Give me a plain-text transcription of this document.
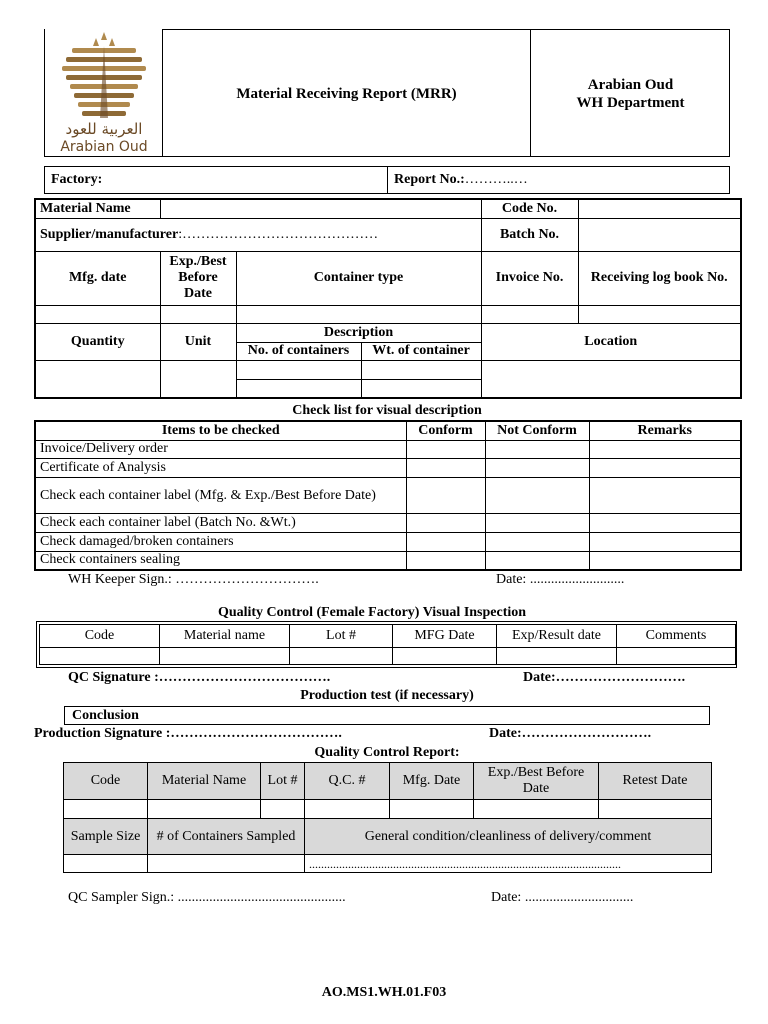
العربية للعود
Arabian Oud
Material Receiving Report (MRR)
Arabian Oud
WH Department
Factory:	Report No.:………..…
Material Name				Code No.	
Supplier/manufacturer:……………………………………				Batch No.	
Mfg. date	Exp./Best Before Date	Container type		Invoice No.	Receiving log book No.

Quantity	Unit	Description		Location	
		No. of containers	Wt. of container		

Check list for visual description
Items to be checked	Conform	Not Conform	Remarks
Invoice/Delivery order			
Certificate of Analysis			
Check each container label (Mfg. & Exp./Best Before Date)			
Check each container label (Batch No. &Wt.)			
Check damaged/broken containers			
Check containers sealing			
WH Keeper Sign.: ………………………….	Date: ...........................
Quality Control (Female Factory) Visual Inspection
Code	Material name	Lot #	MFG Date	Exp/Result date	Comments

QC Signature :……………………………….	Date:……………………….
Production test (if necessary)
Conclusion
Production Signature :……………………………….	Date:……………………….
Quality Control Report:
Code	Material Name	Lot #	Q.C. #	Mfg. Date	Exp./Best Before Date	Retest Date

Sample Size	# of Containers Sampled		General condition/cleanliness of delivery/comment			
			........................................................................................................			
QC Sampler Sign.: ................................................	Date: ...............................
AO.MS1.WH.01.F03
